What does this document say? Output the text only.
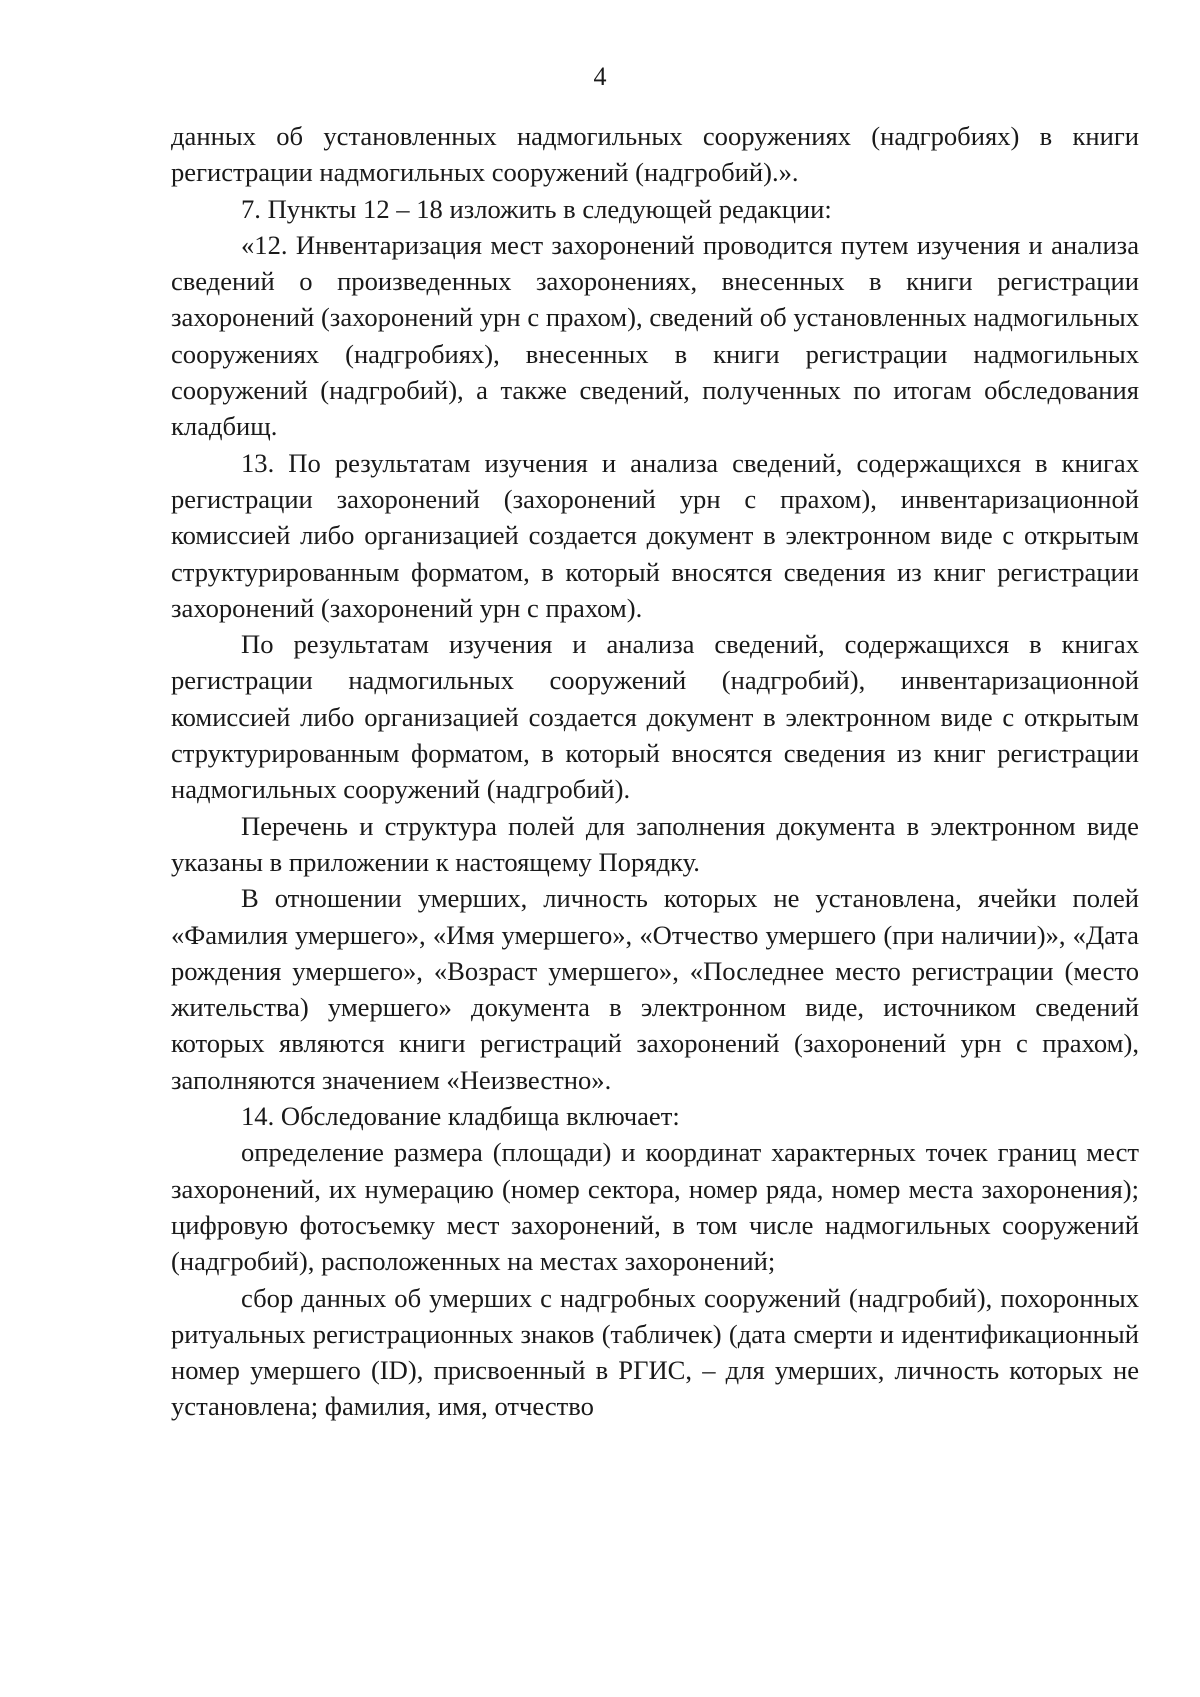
4

данных об установленных надмогильных сооружениях (надгробиях) в книги регистрации надмогильных сооружений (надгробий).».

7. Пункты 12 – 18 изложить в следующей редакции:

«12. Инвентаризация мест захоронений проводится путем изучения и анализа сведений о произведенных захоронениях, внесенных в книги регистрации захоронений (захоронений урн с прахом), сведений об установленных надмогильных сооружениях (надгробиях), внесенных в книги регистрации надмогильных сооружений (надгробий), а также сведений, полученных по итогам обследования кладбищ.

13. По результатам изучения и анализа сведений, содержащихся в книгах регистрации захоронений (захоронений урн с прахом), инвентаризационной комиссией либо организацией создается документ в электронном виде с открытым структурированным форматом, в который вносятся сведения из книг регистрации захоронений (захоронений урн с прахом).

По результатам изучения и анализа сведений, содержащихся в книгах регистрации надмогильных сооружений (надгробий), инвентаризационной комиссией либо организацией создается документ в электронном виде с открытым структурированным форматом, в который вносятся сведения из книг регистрации надмогильных сооружений (надгробий).

Перечень и структура полей для заполнения документа в электронном виде указаны в приложении к настоящему Порядку.

В отношении умерших, личность которых не установлена, ячейки полей «Фамилия умершего», «Имя умершего», «Отчество умершего (при наличии)», «Дата рождения умершего», «Возраст умершего», «Последнее место регистрации (место жительства) умершего» документа в электронном виде, источником сведений которых являются книги регистраций захоронений (захоронений урн с прахом), заполняются значением «Неизвестно».

14. Обследование кладбища включает:

определение размера (площади) и координат характерных точек границ мест захоронений, их нумерацию (номер сектора, номер ряда, номер места захоронения); цифровую фотосъемку мест захоронений, в том числе надмогильных сооружений (надгробий), расположенных на местах захоронений;

сбор данных об умерших с надгробных сооружений (надгробий), похоронных ритуальных регистрационных знаков (табличек) (дата смерти и идентификационный номер умершего (ID), присвоенный в РГИС, – для умерших, личность которых не установлена; фамилия, имя, отчество
